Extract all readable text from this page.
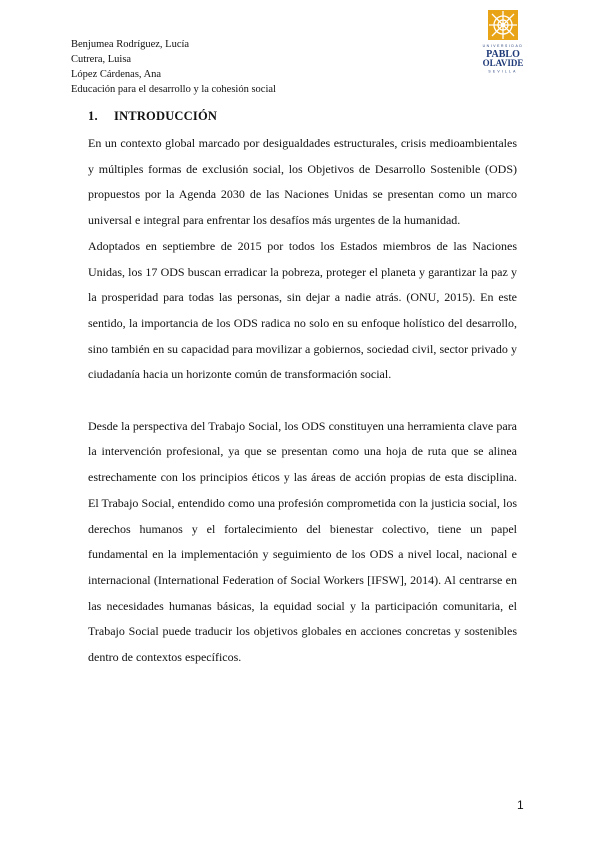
Benjumea Rodríguez, Lucía
Cutrera, Luisa
López Cárdenas, Ana
Educación para el desarrollo y la cohesión social
UNIVERSIDAD
PABLO
OLAVIDE
SEVILLA
1. INTRODUCCIÓN

En un contexto global marcado por desigualdades estructurales, crisis medioambientales y múltiples formas de exclusión social, los Objetivos de Desarrollo Sostenible (ODS) propuestos por la Agenda 2030 de las Naciones Unidas se presentan como un marco universal e integral para enfrentar los desafíos más urgentes de la humanidad.

Adoptados en septiembre de 2015 por todos los Estados miembros de las Naciones Unidas, los 17 ODS buscan erradicar la pobreza, proteger el planeta y garantizar la paz y la prosperidad para todas las personas, sin dejar a nadie atrás. (ONU, 2015). En este sentido, la importancia de los ODS radica no solo en su enfoque holístico del desarrollo, sino también en su capacidad para movilizar a gobiernos, sociedad civil, sector privado y ciudadanía hacia un horizonte común de transformación social.

Desde la perspectiva del Trabajo Social, los ODS constituyen una herramienta clave para la intervención profesional, ya que se presentan como una hoja de ruta que se alinea estrechamente con los principios éticos y las áreas de acción propias de esta disciplina. El Trabajo Social, entendido como una profesión comprometida con la justicia social, los derechos humanos y el fortalecimiento del bienestar colectivo, tiene un papel fundamental en la implementación y seguimiento de los ODS a nivel local, nacional e internacional (International Federation of Social Workers [IFSW], 2014). Al centrarse en las necesidades humanas básicas, la equidad social y la participación comunitaria, el Trabajo Social puede traducir los objetivos globales en acciones concretas y sostenibles dentro de contextos específicos.

1
